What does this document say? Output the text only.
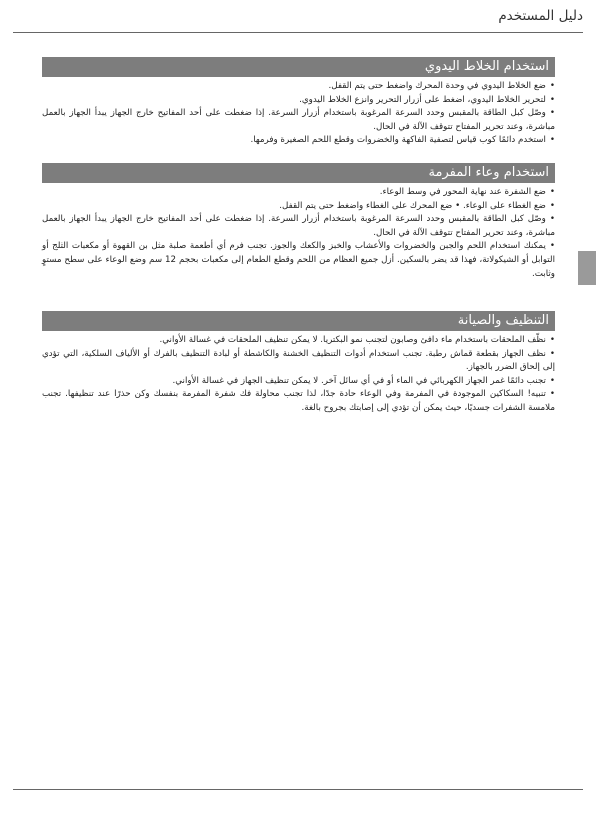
دليل المستخدم
استخدام الخلاط اليدوي
•ضع الخلاط اليدوي في وحدة المحرك واضغط حتى يتم القفل.
•لتحرير الخلاط اليدوي، اضغط على أزرار التحرير وانزع الخلاط اليدوي.
•وصّل كبل الطاقة بالمقبس وحدد السرعة المرغوبة باستخدام أزرار السرعة. إذا ضغطت على أحد المفاتيح خارج الجهاز يبدأ الجهاز بالعمل مباشرة، وعند تحرير المفتاح تتوقف الآلة في الحال.
•استخدم دائمًا كوب قياس لتصفية الفاكهة والخضروات وقطع اللحم الصغيرة وفرمها.
استخدام وعاء المفرمة
•ضع الشفرة عند نهاية المحور في وسط الوعاء.
•ضع الغطاء على الوعاء. • ضع المحرك على الغطاء واضغط حتى يتم القفل.
•وصّل كبل الطاقة بالمقبس وحدد السرعة المرغوبة باستخدام أزرار السرعة. إذا ضغطت على أحد المفاتيح خارج الجهاز يبدأ الجهاز بالعمل مباشرة، وعند تحرير المفتاح تتوقف الآلة في الحال.
•يمكنك استخدام اللحم والجبن والخضروات والأعشاب والخبز والكعك والجوز. تجنب فرم أي أطعمة صلبة مثل بن القهوة أو مكعبات الثلج أو التوابل أو الشيكولاتة، فهذا قد يضر بالسكين. أزل جميع العظام من اللحم وقطع الطعام إلى مكعبات بحجم 12 سم وضع الوعاء على سطح مستوٍ وثابت.
التنظيف والصيانة
•نظّف الملحقات باستخدام ماء دافئ وصابون لتجنب نمو البكتريا. لا يمكن تنظيف الملحقات في غسالة الأواني.
•نظف الجهاز بقطعة قماش رطبة. تجنب استخدام أدوات التنظيف الخشنة والكاشطة أو لبادة التنظيف بالفرك أو الألياف السلكية، التي تؤدي إلى إلحاق الضرر بالجهاز.
•تجنب دائمًا غمر الجهاز الكهربائي في الماء أو في أي سائل آخر. لا يمكن تنظيف الجهاز في غسالة الأواني.
•تنبيه! السكاكين الموجودة في المفرمة وفي الوعاء حادة جدًا، لذا تجنب محاولة فك شفرة المفرمة بنفسك وكن حذرًا عند تنظيفها. تجنب ملامسة الشفرات جسديًا، حيث يمكن أن تؤدي إلى إصابتك بجروح بالغة.
